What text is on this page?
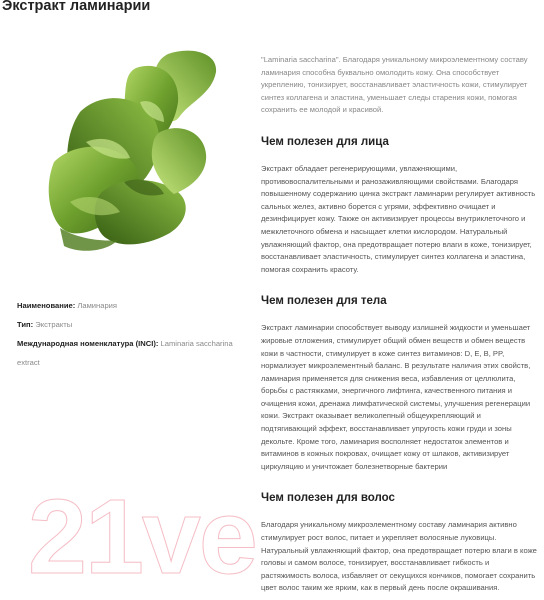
Экстракт ламинарии

Наименование: Ламинария

Тип: Экстракты

Международная номенклатура (INCI): Laminaria saccharina extract

"Laminaria saccharina". Благодаря уникальному микроэлементному составу ламинария способна буквально омолодить кожу. Она способствует укреплению, тонизирует, восстанавливает эластичность кожи, стимулирует синтез коллагена и эластина, уменьшает следы старения кожи, помогая сохранить ее молодой и красивой.

Чем полезен для лица

Экстракт обладает регенерирующими, увлажняющими, противовоспалительными и ранозаживляющими свойствами. Благодаря повышенному содержанию цинка экстракт ламинарии регулирует активность сальных желез, активно борется с угрями, эффективно очищает и дезинфицирует кожу. Также он активизирует процессы внутриклеточного и межклеточного обмена и насыщает клетки кислородом. Натуральный увлажняющий фактор, она предотвращает потерю влаги в коже, тонизирует, восстанавливает эластичность, стимулирует синтез коллагена и эластина, помогая сохранить красоту.

Чем полезен для тела

Экстракт ламинарии способствует выводу излишней жидкости и уменьшает жировые отложения, стимулирует общий обмен веществ и обмен веществ кожи в частности, стимулирует в коже синтез витаминов: D, E, B, PP, нормализует микроэлементный баланс. В результате наличия этих свойств, ламинария применяется для снижения веса, избавления от целлюлита, борьбы с растяжками, энергичного лифтинга, качественного питания и очищения кожи, дренажа лимфатической системы, улучшения регенерации кожи. Экстракт оказывает великолепный общеукрепляющий и подтягивающий эффект, восстанавливает упругость кожи груди и зоны декольте. Кроме того, ламинария восполняет недостаток элементов и витаминов в кожных покровах, очищает кожу от шлаков, активизирует циркуляцию и уничтожает болезнетворные бактерии

Чем полезен для волос

Благодаря уникальному микроэлементному составу ламинария активно стимулирует рост волос, питает и укрепляет волосяные луковицы. Натуральный увлажняющий фактор, она предотвращает потерю влаги в коже головы и самом волосе, тонизирует, восстанавливает гибкость и растяжимость волоса, избавляет от секущихся кончиков, помогает сохранить цвет волос таким же ярким, как в первый день после окрашивания.

21ve
